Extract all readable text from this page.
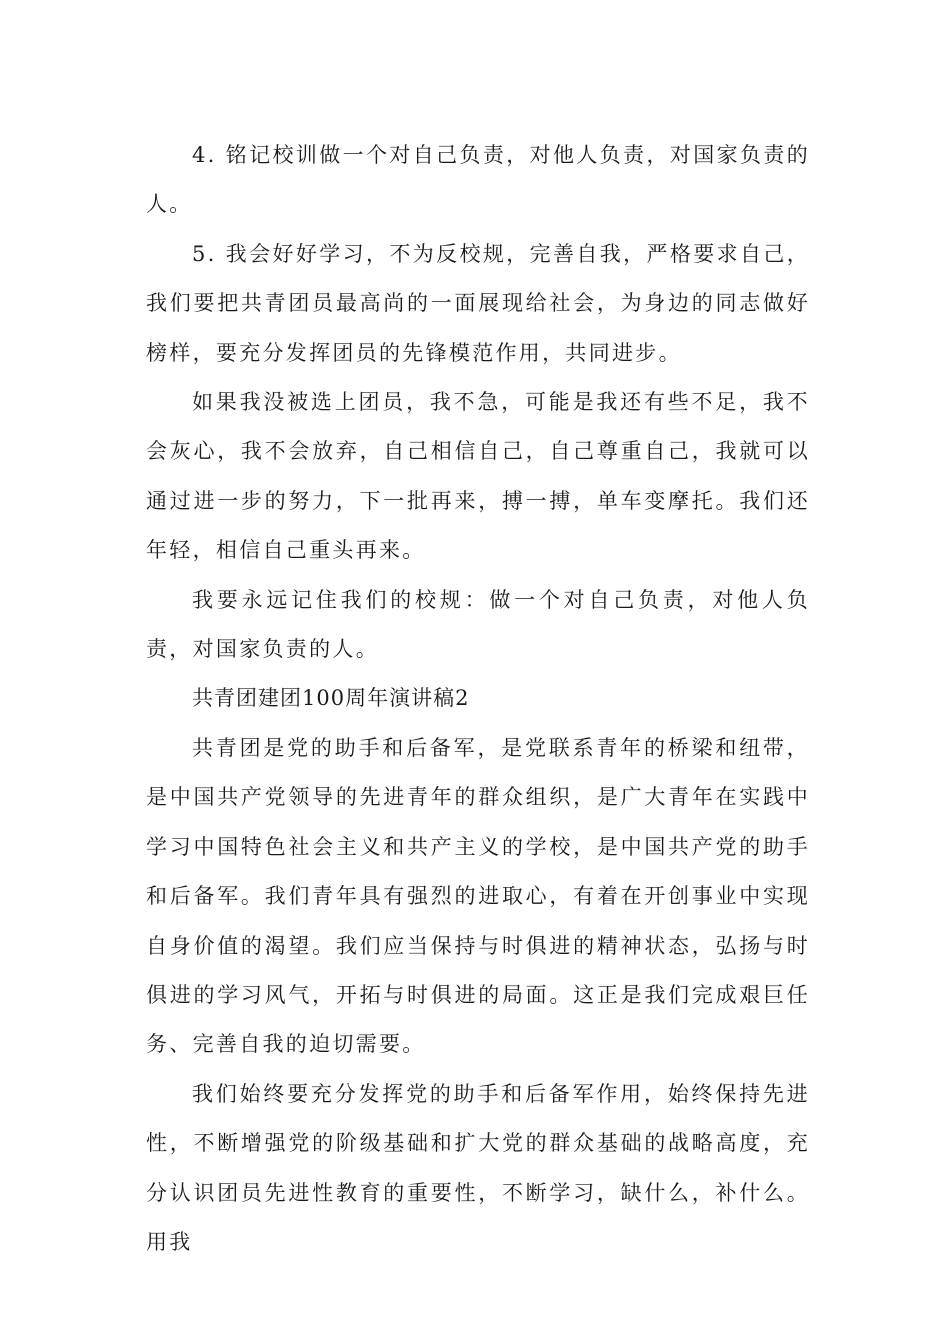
4. 铭记校训做一个对自己负责，对他人负责，对国家负责的人。

5. 我会好好学习，不为反校规，完善自我，严格要求自己，我们要把共青团员最高尚的一面展现给社会，为身边的同志做好榜样，要充分发挥团员的先锋模范作用，共同进步。

如果我没被选上团员，我不急，可能是我还有些不足，我不会灰心，我不会放弃，自己相信自己，自己尊重自己，我就可以通过进一步的努力，下一批再来，搏一搏，单车变摩托。我们还年轻，相信自己重头再来。

我要永远记住我们的校规：做一个对自己负责，对他人负责，对国家负责的人。

共青团建团100周年演讲稿2

共青团是党的助手和后备军，是党联系青年的桥梁和纽带，是中国共产党领导的先进青年的群众组织，是广大青年在实践中学习中国特色社会主义和共产主义的学校，是中国共产党的助手和后备军。我们青年具有强烈的进取心，有着在开创事业中实现自身价值的渴望。我们应当保持与时俱进的精神状态，弘扬与时俱进的学习风气，开拓与时俱进的局面。这正是我们完成艰巨任务、完善自我的迫切需要。

我们始终要充分发挥党的助手和后备军作用，始终保持先进性，不断增强党的阶级基础和扩大党的群众基础的战略高度，充分认识团员先进性教育的重要性，不断学习，缺什么，补什么。用我
